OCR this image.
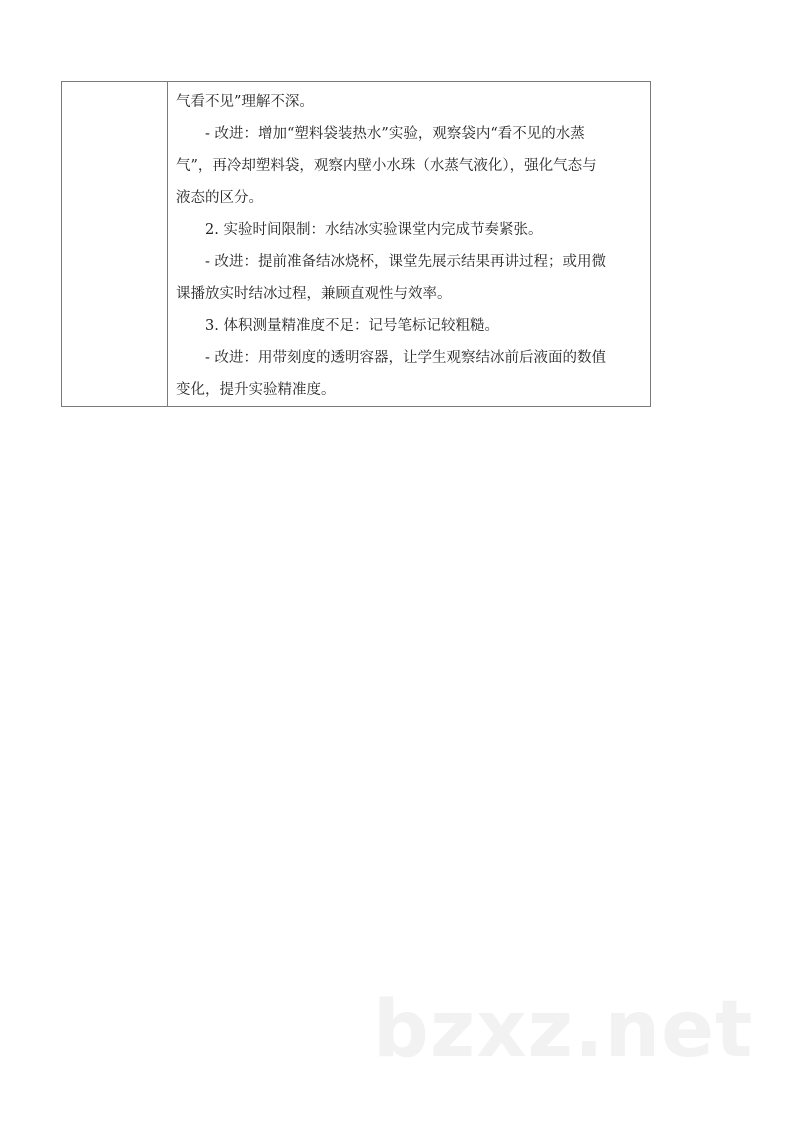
气看不见”理解不深。
- 改进：增加“塑料袋装热水”实验，观察袋内“看不见的水蒸
气”，再冷却塑料袋，观察内壁小水珠（水蒸气液化），强化气态与
液态的区分。
2. 实验时间限制：水结冰实验课堂内完成节奏紧张。
- 改进：提前准备结冰烧杯，课堂先展示结果再讲过程；或用微
课播放实时结冰过程，兼顾直观性与效率。
3. 体积测量精准度不足：记号笔标记较粗糙。
- 改进：用带刻度的透明容器，让学生观察结冰前后液面的数值
变化，提升实验精准度。
bzxz.net
